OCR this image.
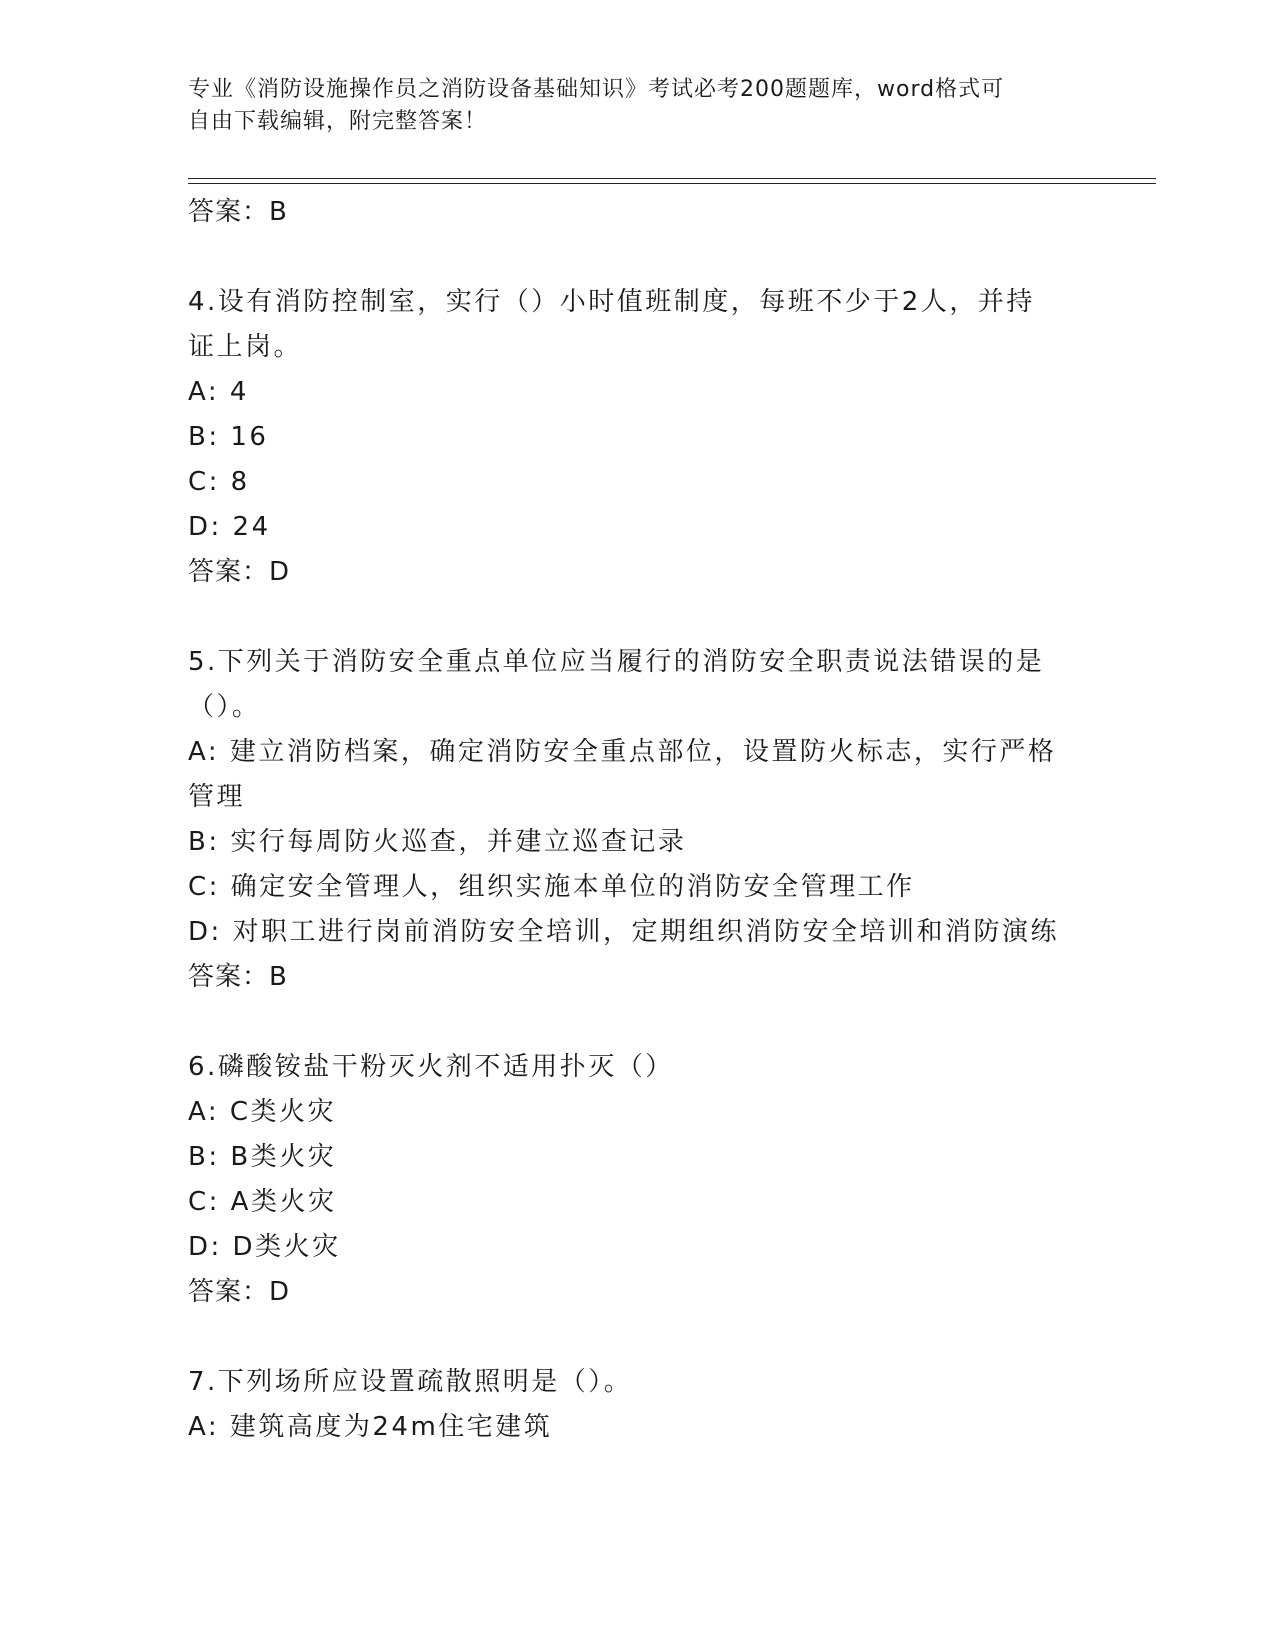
专业《消防设施操作员之消防设备基础知识》考试必考200题题库，word格式可
自由下载编辑，附完整答案！
答案：B
4.设有消防控制室，实行（）小时值班制度，每班不少于2人，并持
证上岗。
A: 4
B: 16
C: 8
D: 24
答案：D
5.下列关于消防安全重点单位应当履行的消防安全职责说法错误的是
（）。
A: 建立消防档案，确定消防安全重点部位，设置防火标志，实行严格
管理
B: 实行每周防火巡查，并建立巡查记录
C: 确定安全管理人，组织实施本单位的消防安全管理工作
D: 对职工进行岗前消防安全培训，定期组织消防安全培训和消防演练
答案：B
6.磷酸铵盐干粉灭火剂不适用扑灭（）
A: C类火灾
B: B类火灾
C: A类火灾
D: D类火灾
答案：D
7.下列场所应设置疏散照明是（）。
A: 建筑高度为24m住宅建筑
